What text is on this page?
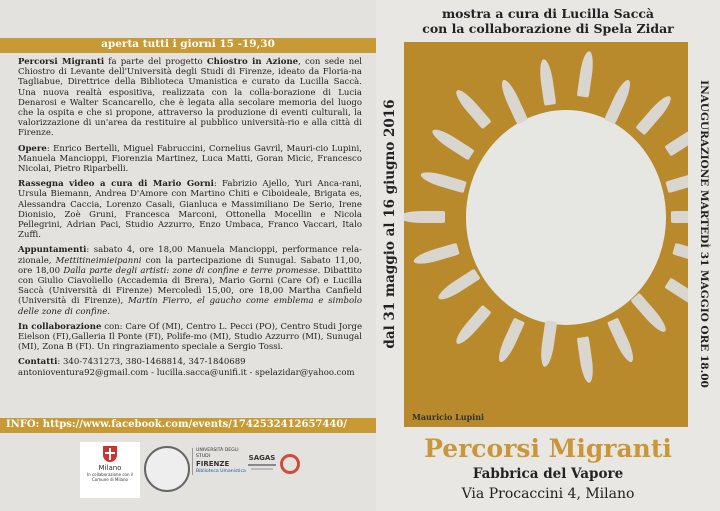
aperta tutti i giorni 15 -19,30

Percorsi Migranti fa parte del progetto Chiostro in Azione, con sede nel Chiostro di Levante dell'Università degli Studi di Firenze, ideato da Floria-na Tagliabue, Direttrice della Biblioteca Umanistica e curato da Lucilla Saccà. Una nuova realtà espositiva, realizzata con la colla-borazione di Lucia Denarosi e Walter Scancarello, che è legata alla secolare memoria del luogo che la ospita e che si propone, attraverso la produzione di eventi culturali, la valorizzazione di un'area da restituire al pubblico università-rio e alla città di Firenze.

Opere: Enrico Bertelli, Miguel Fabruccini, Cornelius Gavril, Mauri-cio Lupini, Manuela Mancioppi, Fiorenzia Martinez, Luca Matti, Goran Micic, Francesco Nicolai, Pietro Riparbelli.

Rassegna video a cura di Mario Gorni: Fabrizio Ajello, Yuri Anca-rani, Ursula Biemann, Andrea D'Amore con Martino Chiti e Ciboideale, Brigata es, Alessandra Caccia, Lorenzo Casali, Gianluca e Massimiliano De Serio, Irene Dionisio, Zoè Gruni, Francesca Marconi, Ottonella Mocellin e Nicola Pellegrini, Adrian Paci, Studio Azzurro, Enzo Umbaca, Franco Vaccari, Italo Zuffi.

Appuntamenti: sabato 4, ore 18,00 Manuela Mancioppi, performance rela-zionale, Mettitineimieipanni con la partecipazione di Sunugal. Sabato 11,00, ore 18,00 Dalla parte degli artisti: zone di confine e terre promesse. Dibattito con Giulio Ciavoliello (Accademia di Brera), Mario Gorni (Care Of) e Lucilla Saccà (Università di Firenze) Mercoledì 15,00, ore 18,00 Martha Canfield (Università di Firenze), Martin Fierro, el gaucho come emblema e simbolo delle zone di confine.

In collaborazione con: Care Of (MI), Centro L. Pecci (PO), Centro Studi Jorge Eielson (FI),Galleria Il Ponte (FI), Polife-mo (MI), Studio Azzurro (MI), Sunugal (MI), Zona B (FI). Un ringraziamento speciale a Sergio Tossi.

Contatti: 340-7431273, 380-1468814, 347-1840689
antonioventura92@gmail.com - lucilla.sacca@unifi.it - spelazidar@yahoo.com

INFO: https://www.facebook.com/events/1742532412657440/
Milano
In collaborazione con il Comune di Milano
UNIVERSITÀ DEGLI STUDI
FIRENZE
Biblioteca Umanistica
SAGAS
mostra a cura di Lucilla Saccà
con la collaborazione di Spela Zidar
dal 31 maggio al 16 giugno 2016	INAUGURAZIONE MARTEDÌ 31 MAGGIO ORE 18.00
Mauricio Lupini
Percorsi Migranti
Fabbrica del Vapore
Via Procaccini 4, Milano
